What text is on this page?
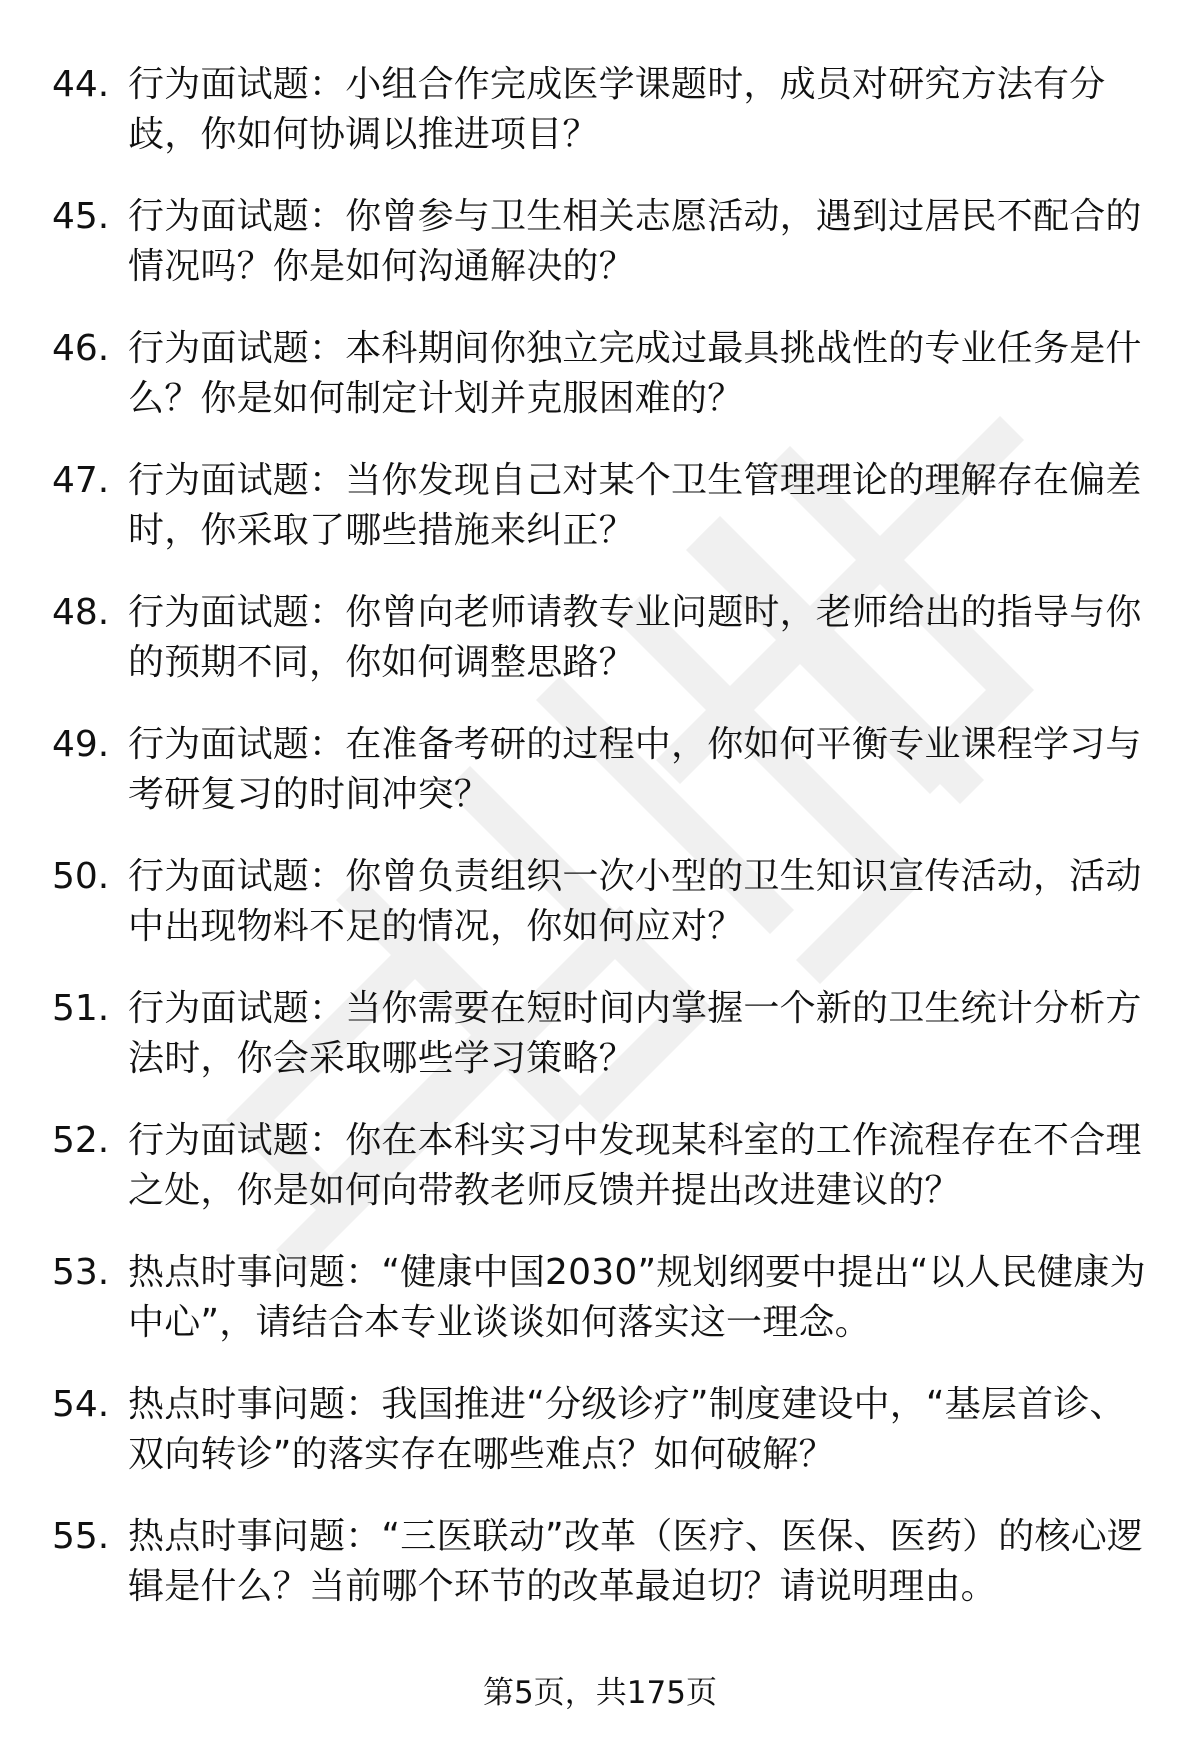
44. 行为面试题：小组合作完成医学课题时，成员对研究方法有分歧，你如何协调以推进项目？
45. 行为面试题：你曾参与卫生相关志愿活动，遇到过居民不配合的情况吗？你是如何沟通解决的？
46. 行为面试题：本科期间你独立完成过最具挑战性的专业任务是什么？你是如何制定计划并克服困难的？
47. 行为面试题：当你发现自己对某个卫生管理理论的理解存在偏差时，你采取了哪些措施来纠正？
48. 行为面试题：你曾向老师请教专业问题时，老师给出的指导与你的预期不同，你如何调整思路？
49. 行为面试题：在准备考研的过程中，你如何平衡专业课程学习与考研复习的时间冲突？
50. 行为面试题：你曾负责组织一次小型的卫生知识宣传活动，活动中出现物料不足的情况，你如何应对？
51. 行为面试题：当你需要在短时间内掌握一个新的卫生统计分析方法时，你会采取哪些学习策略？
52. 行为面试题：你在本科实习中发现某科室的工作流程存在不合理之处，你是如何向带教老师反馈并提出改进建议的？
53. 热点时事问题：“健康中国2030”规划纲要中提出“以人民健康为中心”，请结合本专业谈谈如何落实这一理念。
54. 热点时事问题：我国推进“分级诊疗”制度建设中，“基层首诊、双向转诊”的落实存在哪些难点？如何破解？
55. 热点时事问题：“三医联动”改革（医疗、医保、医药）的核心逻辑是什么？当前哪个环节的改革最迫切？请说明理由。
第5页，共175页
